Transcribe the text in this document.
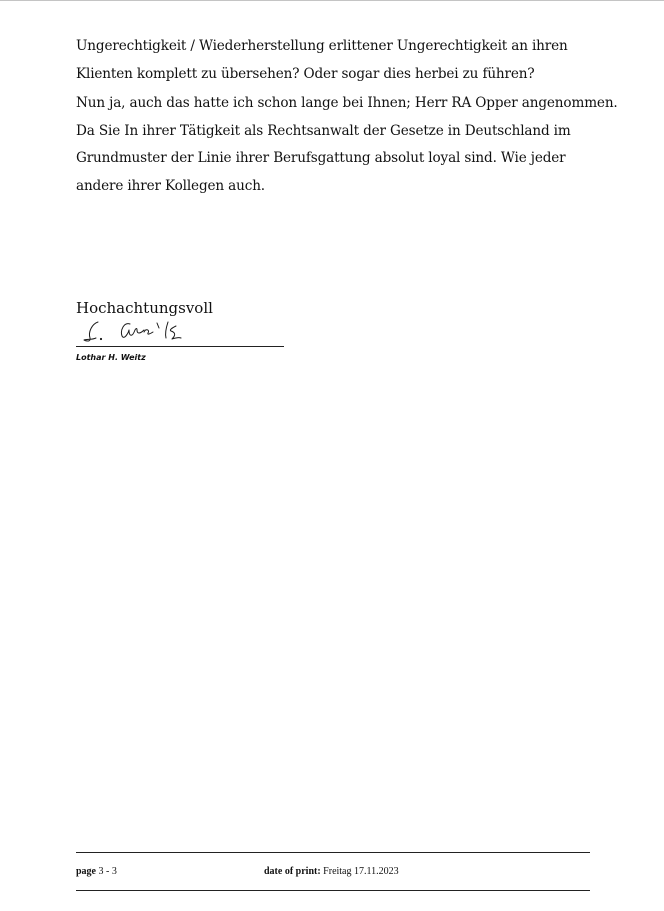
Ungerechtigkeit / Wiederherstellung erlittener Ungerechtigkeit an ihren
Klienten komplett zu übersehen? Oder sogar dies herbei zu führen?

Nun ja, auch das hatte ich schon lange bei Ihnen; Herr RA Opper angenommen.
Da Sie In ihrer Tätigkeit als Rechtsanwalt der Gesetze in Deutschland im
Grundmuster der Linie ihrer Berufsgattung absolut loyal sind. Wie jeder
andere ihrer Kollegen auch.

Hochachtungsvoll
Lothar H. Weitz
page 3 - 3	date of print: Freitag 17.11.2023
